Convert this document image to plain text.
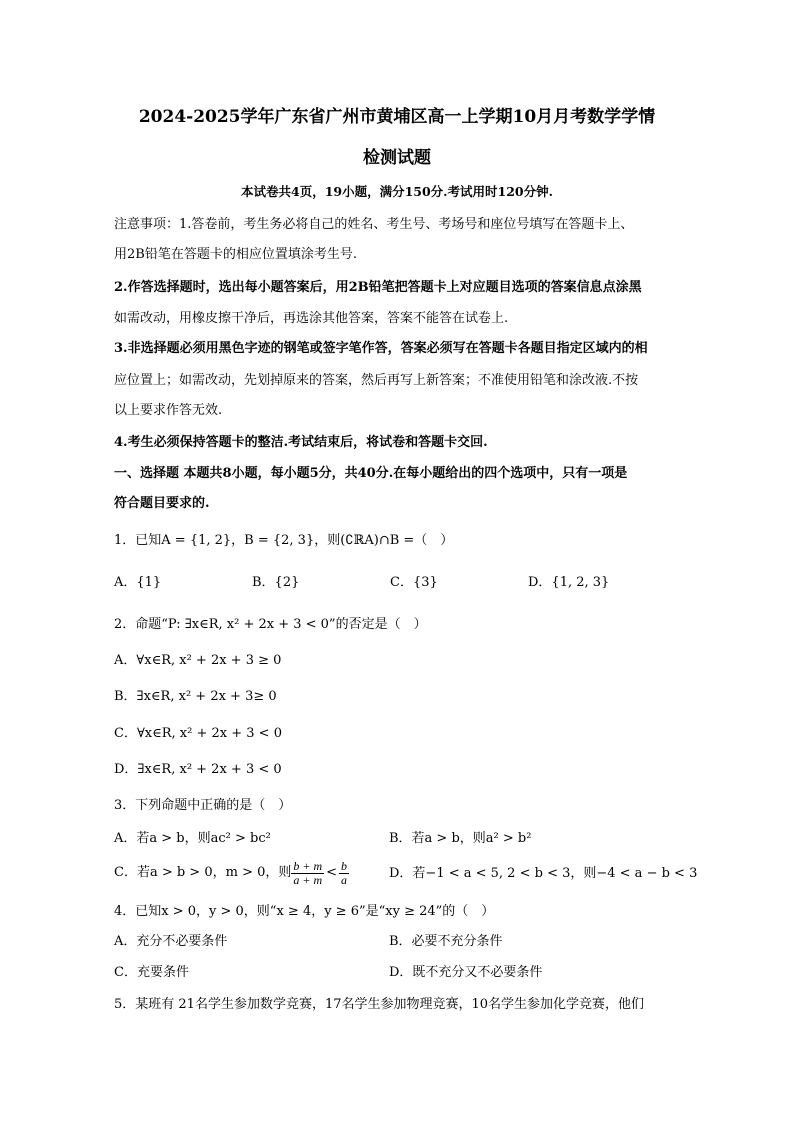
2024-2025学年广东省广州市黄埔区高一上学期10月月考数学学情
检测试题
本试卷共4页，19小题，满分150分.考试用时120分钟.
注意事项：1.答卷前，考生务必将自己的姓名、考生号、考场号和座位号填写在答题卡上、
用2B铅笔在答题卡的相应位置填涂考生号.
2.作答选择题时，选出每小题答案后，用2B铅笔把答题卡上对应题目选项的答案信息点涂黑
如需改动，用橡皮擦干净后，再选涂其他答案，答案不能答在试卷上.
3.非选择题必须用黑色字迹的钢笔或签字笔作答，答案必须写在答题卡各题目指定区域内的相
应位置上；如需改动，先划掉原来的答案，然后再写上新答案；不准使用铅笔和涂改液.不按
以上要求作答无效.
4.考生必须保持答题卡的整洁.考试结束后，将试卷和答题卡交回.
一、选择题 本题共8小题，每小题5分，共40分.在每小题给出的四个选项中，只有一项是
符合题目要求的.
1．已知A = {1, 2}，B = {2, 3}，则(∁ℝA)∩B =（　）
A．{1}	B．{2}	C．{3}	D．{1, 2, 3}
2．命题“P: ∃x∈R, x² + 2x + 3 < 0”的否定是（　）
A．∀x∈R, x² + 2x + 3 ≥ 0
B．∃x∈R, x² + 2x + 3≥ 0
C．∀x∈R, x² + 2x + 3 < 0
D．∃x∈R, x² + 2x + 3 < 0
3．下列命题中正确的是（　）
A．若a > b，则ac² > bc²	B．若a > b，则a² > b²
C．若a > b > 0，m > 0，则 $\frac{b + m}{a + m} < \frac{b}{a}$	D．若−1 < a < 5, 2 < b < 3，则−4 < a − b < 3
4．已知x > 0，y > 0，则“x ≥ 4，y ≥ 6”是“xy ≥ 24”的（　）
A．充分不必要条件	B．必要不充分条件
C．充要条件	D．既不充分又不必要条件
5．某班有 21名学生参加数学竞赛，17名学生参加物理竞赛，10名学生参加化学竞赛，他们
